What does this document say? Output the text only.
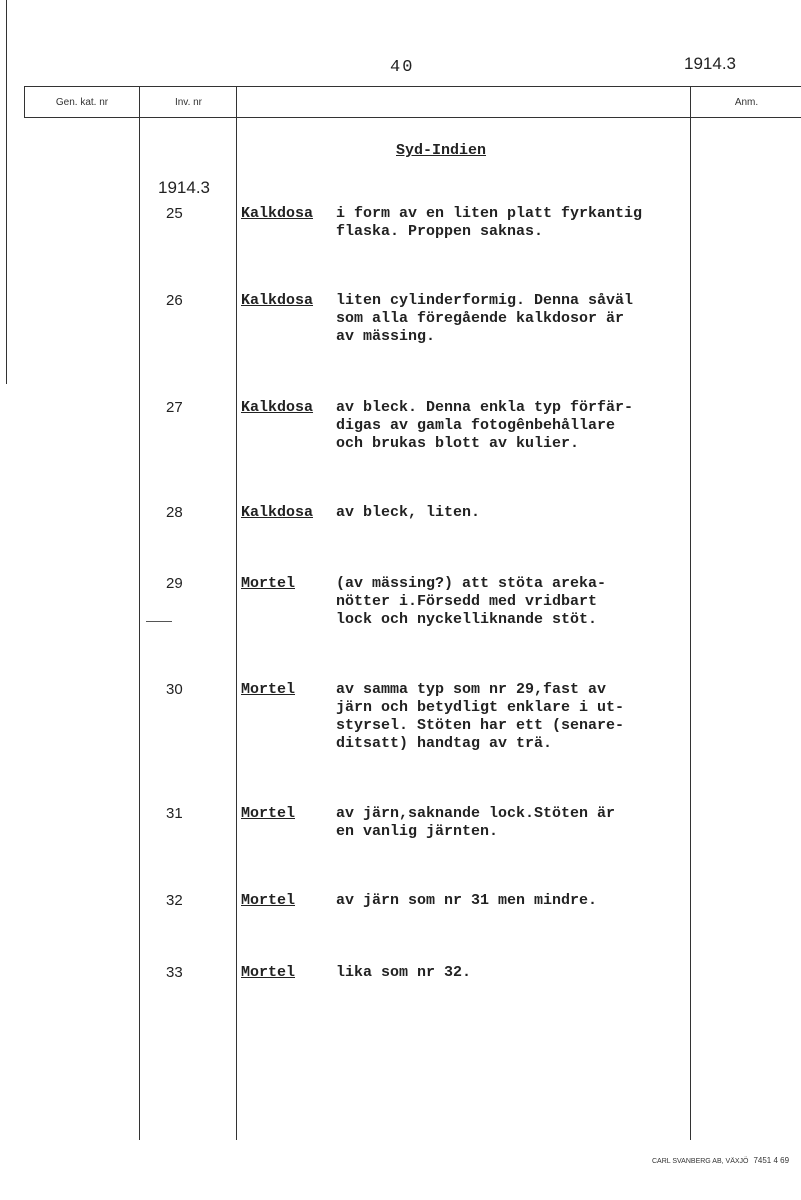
40	1914.3
Gen. kat. nr	Inv. nr	Anm.
Syd-Indien
1914.3
25	Kalkdosa i form av en liten platt fyrkantig
flaska. Proppen saknas.
26	Kalkdosa liten cylinderformig. Denna såväl
som alla föregående kalkdosor är
av mässing.
27	Kalkdosa av bleck. Denna enkla typ förfär-
digas av gamla fotogênbehållare
och brukas blott av kulier.
28	Kalkdosa av bleck, liten.
29	Mortel	(av mässing?) att stöta areka-
nötter i.Försedd med vridbart
lock och nyckelliknande stöt.
30	Mortel	av samma typ som nr 29,fast av
järn och betydligt enklare i ut-
styrsel. Stöten har ett (senare-
ditsatt) handtag av trä.
31	Mortel	av järn,saknande lock.Stöten är
en vanlig järnten.
32	Mortel	av järn som nr 31 men mindre.
33	Mortel	lika som nr 32.
CARL SVANBERG AB, VÄXJÖ 7451 4 69
